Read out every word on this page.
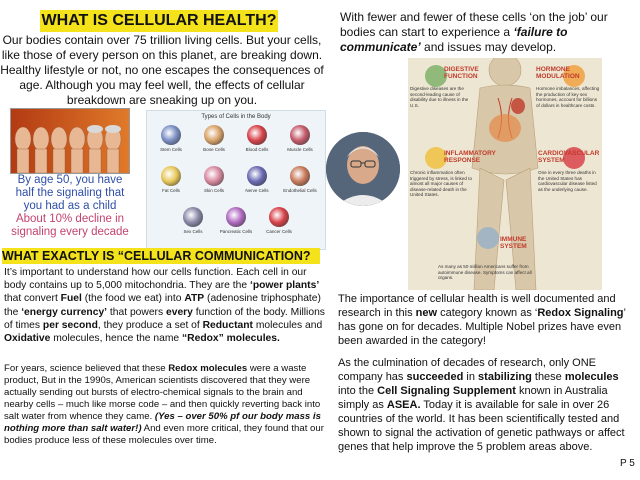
WHAT IS CELLULAR HEALTH?
Our bodies contain over 75 trillion living cells. But your cells, like those of every person on this planet, are breaking down. Healthy lifestyle or not, no one escapes the consequences of age. Although you may feel well, the effects of cellular breakdown are sneaking up on you.
By age 50, you have
half the signaling that
you had as a child
About 10% decline in
signaling every decade
Types of Cells in the Body
Stem Cells	Bone Cells	Blood Cells	Muscle Cells
Fat Cells	Skin Cells	Nerve Cells	Endothelial Cells
Sex Cells	Pancreatic Cells	Cancer Cells
WHAT EXACTLY IS “CELLULAR COMMUNICATION?
It’s important to understand how our cells function. Each cell in our body contains up to 5,000 mitochondria. They are the ‘power plants’ that convert Fuel (the food we eat) into ATP (adenosine triphosphate) the ‘energy currency’ that powers every function of the body. Millions of times per second, they produce a set of Reductant molecules and Oxidative molecules, hence the name “Redox” molecules.
For years, science believed that these Redox molecules were a waste product, But in the 1990s, American scientists discovered that they were actually sending out bursts of electro-chemical signals to the brain and nearby cells – much like morse code – and then quickly reverting back into salt water from whence they came. (Yes – over 50% pf our body mass is nothing more than salt water!) And even more critical, they found that our bodies produce less of these molecules over time.
With fewer and fewer of these cells ‘on the job’ our bodies can start to experience a ‘failure to communicate’ and issues may develop.
DIGESTIVE FUNCTION
Digestive diseases are the second-leading cause of disability due to illness in the U.S.
HORMONE MODULATION
Hormone imbalances, affecting the production of key sex hormones, account for billions of dollars in healthcare costs.
INFLAMMATORY RESPONSE
Chronic inflammation often triggered by stress, is linked to almost all major causes of disease-related death in the United States.
CARDIOVASCULAR SYSTEM
One in every three deaths in the United States has cardiovascular disease listed as the underlying cause.
IMMUNE SYSTEM
As many as 50 million Americans suffer from autoimmune disease. Symptoms can affect all organs.
The importance of cellular health is well documented and research in this new category known as ‘Redox Signaling’ has gone on for decades. Multiple Nobel prizes have even been awarded in the category!
As the culmination of decades of research, only ONE company has succeeded in stabilizing these molecules into the Cell Signaling Supplement known in Australia simply as ASEA. Today it is available for sale in over 26 countries of the world. It has been scientifically tested and shown to signal the activation of genetic pathways or affect genes that help improve the 5 problem areas above.
P 5
